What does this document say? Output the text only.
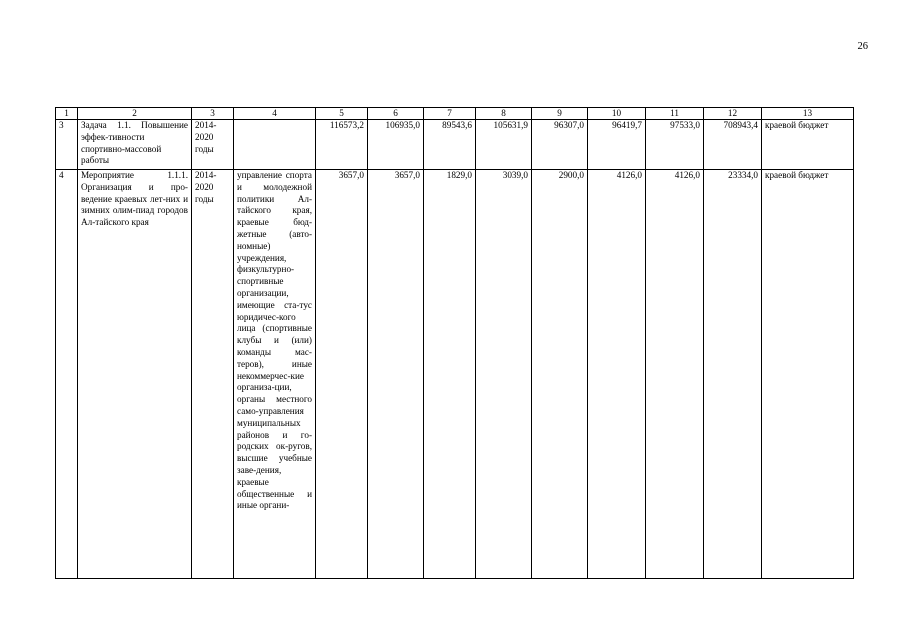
26
1	2	3	4	5	6	7	8	9	10	11	12	13
3	Задача 1.1. Повышение эффек-тивности спортивно-массовой работы	2014-2020 годы		116573,2	106935,0	89543,6	105631,9	96307,0	96419,7	97533,0	708943,4	краевой бюджет
4	Мероприятие 1.1.1. Организация и про-ведение краевых лет-них и зимних олим-пиад городов Ал-тайского края	2014-2020 годы	управление спорта и молодежной политики Ал-тайского края, краевые бюд-жетные (авто-номные) учреждения, физкультурно-спортивные организации, имеющие ста-тус юридичес-кого лица (спортивные клубы и (или) команды мас-теров), иные некоммерчес-кие организа-ции, органы местного само-управления муниципальных районов и го-родских ок-ругов, высшие учебные заве-дения, краевые общественные и иные органи-	3657,0	3657,0	1829,0	3039,0	2900,0	4126,0	4126,0	23334,0	краевой бюджет
